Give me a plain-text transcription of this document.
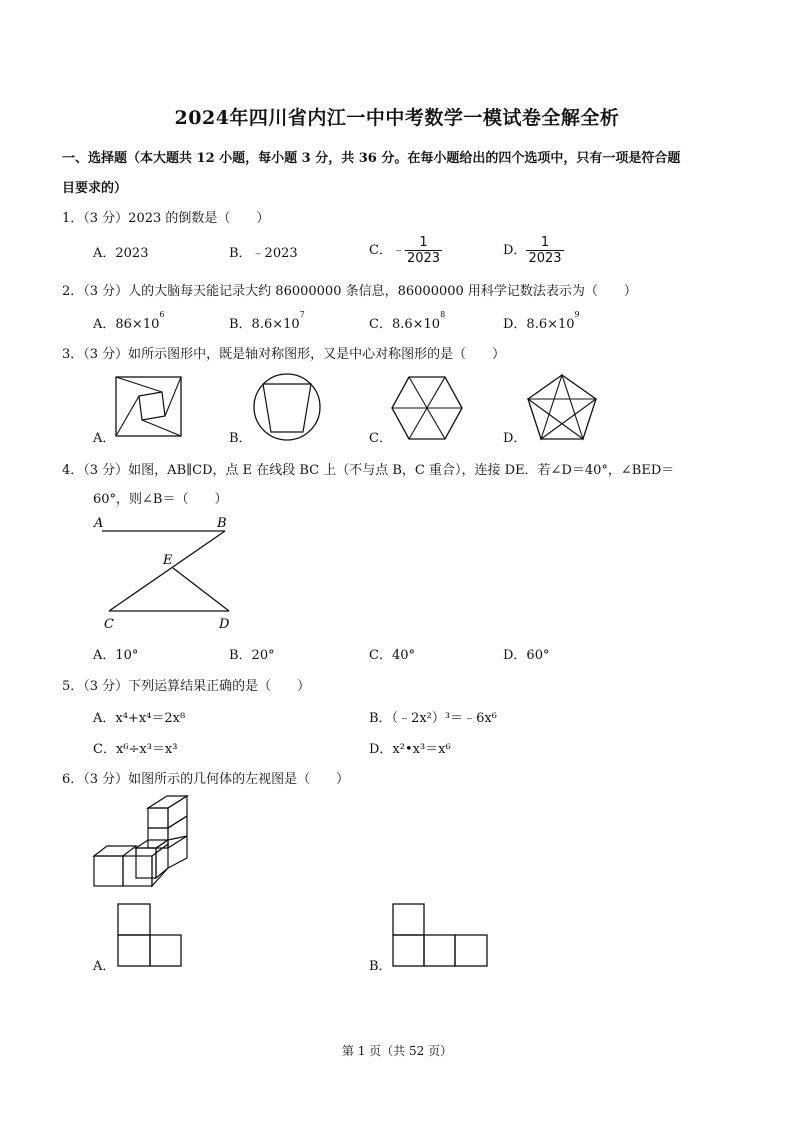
2024年四川省内江一中中考数学一模试卷全解全析
一、选择题（本大题共 12 小题，每小题 3 分，共 36 分。在每小题给出的四个选项中，只有一项是符合题
目要求的）
1．（3 分）2023 的倒数是（　　）
A．2023	B．﹣2023	C．﹣ $\frac{1}{2023}$	D． $\frac{1}{2023}$
2．（3 分）人的大脑每天能记录大约 86000000 条信息，86000000 用科学记数法表示为（　　）
A．$86\times 10^6$
B．$8.6\times 10^7$
C．$8.6\times 10^8$
D．$8.6\times 10^9$
3．（3 分）如所示图形中，既是轴对称图形，又是中心对称图形的是（　　）
A．	B．	C．	D．
4．（3 分）如图，AB∥CD，点 E 在线段 BC 上（不与点 B，C 重合），连接 DE．若∠D＝40°，∠BED＝
60°，则∠B＝（　　）
A	B
E
C	D
A．10°	B．20°	C．40°	D．60°
5．（3 分）下列运算结果正确的是（　　）
A．x⁴+x⁴＝2x⁸	B．（﹣2x²）³＝﹣6x⁶
C．x⁶÷x³＝x³	D．x²•x³＝x⁶
6．（3 分）如图所示的几何体的左视图是（　　）
A．	B．
第 1 页（共 52 页）
